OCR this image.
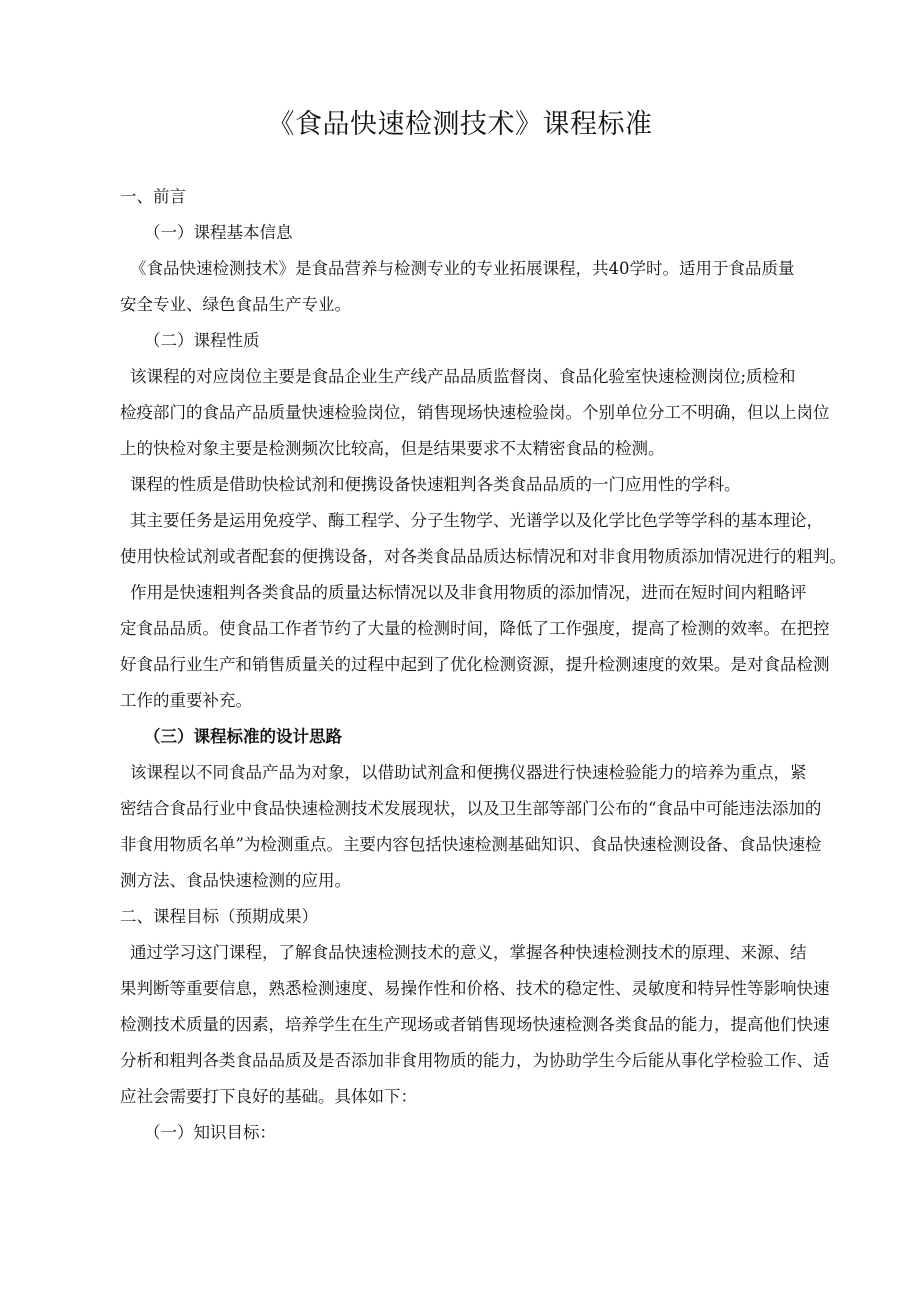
《食品快速检测技术》课程标准

一、前言

（一）课程基本信息

《食品快速检测技术》是食品营养与检测专业的专业拓展课程，共40学时。适用于食品质量

安全专业、绿色食品生产专业。

（二）课程性质

该课程的对应岗位主要是食品企业生产线产品品质监督岗、食品化验室快速检测岗位;质检和

检疫部门的食品产品质量快速检验岗位，销售现场快速检验岗。个别单位分工不明确，但以上岗位

上的快检对象主要是检测频次比较高，但是结果要求不太精密食品的检测。

课程的性质是借助快检试剂和便携设备快速粗判各类食品品质的一门应用性的学科。

其主要任务是运用免疫学、酶工程学、分子生物学、光谱学以及化学比色学等学科的基本理论，

使用快检试剂或者配套的便携设备，对各类食品品质达标情况和对非食用物质添加情况进行的粗判。

作用是快速粗判各类食品的质量达标情况以及非食用物质的添加情况，进而在短时间内粗略评

定食品品质。使食品工作者节约了大量的检测时间，降低了工作强度，提高了检测的效率。在把控

好食品行业生产和销售质量关的过程中起到了优化检测资源，提升检测速度的效果。是对食品检测

工作的重要补充。

（三）课程标准的设计思路

该课程以不同食品产品为对象，以借助试剂盒和便携仪器进行快速检验能力的培养为重点，紧

密结合食品行业中食品快速检测技术发展现状，以及卫生部等部门公布的“食品中可能违法添加的

非食用物质名单”为检测重点。主要内容包括快速检测基础知识、食品快速检测设备、食品快速检

测方法、食品快速检测的应用。

二、课程目标（预期成果）

通过学习这门课程，了解食品快速检测技术的意义，掌握各种快速检测技术的原理、来源、结

果判断等重要信息，熟悉检测速度、易操作性和价格、技术的稳定性、灵敏度和特异性等影响快速

检测技术质量的因素，培养学生在生产现场或者销售现场快速检测各类食品的能力，提高他们快速

分析和粗判各类食品品质及是否添加非食用物质的能力，为协助学生今后能从事化学检验工作、适

应社会需要打下良好的基础。具体如下：

（一）知识目标：
